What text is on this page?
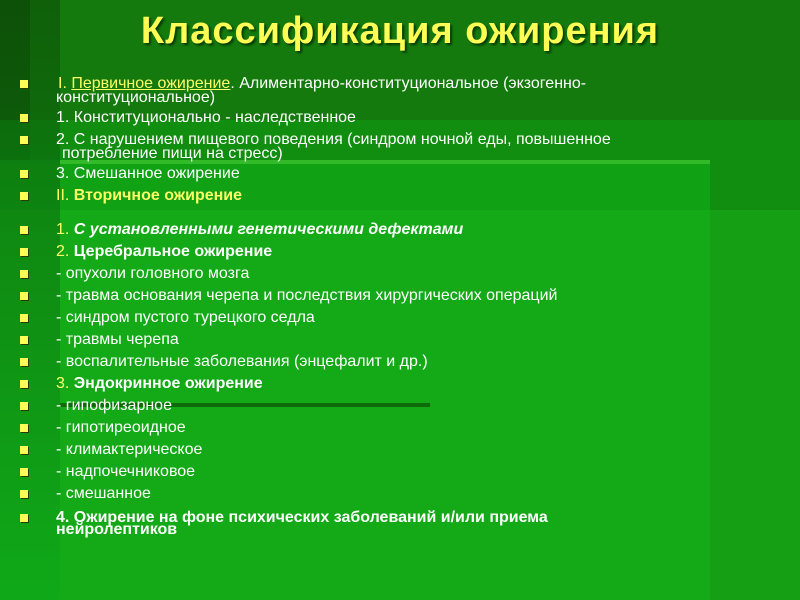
Классификация ожирения
I. Первичное ожирение. Алиментарно-конституциональное (экзогенно-
конституциональное)
1. Конституционально - наследственное
2. С нарушением пищевого поведения (синдром ночной еды, повышенное
потребление пищи на стресс)
3. Смешанное ожирение
II. Вторичное ожирение
1. С установленными генетическими дефектами
2. Церебральное ожирение
- опухоли головного мозга
- травма основания черепа и последствия хирургических операций
- синдром пустого турецкого седла
- травмы черепа
- воспалительные заболевания (энцефалит и др.)
3. Эндокринное ожирение
- гипофизарное
- гипотиреоидное
- климактерическое
- надпочечниковое
- смешанное
4. Ожирение на фоне психических заболеваний и/или приема
нейролептиков
